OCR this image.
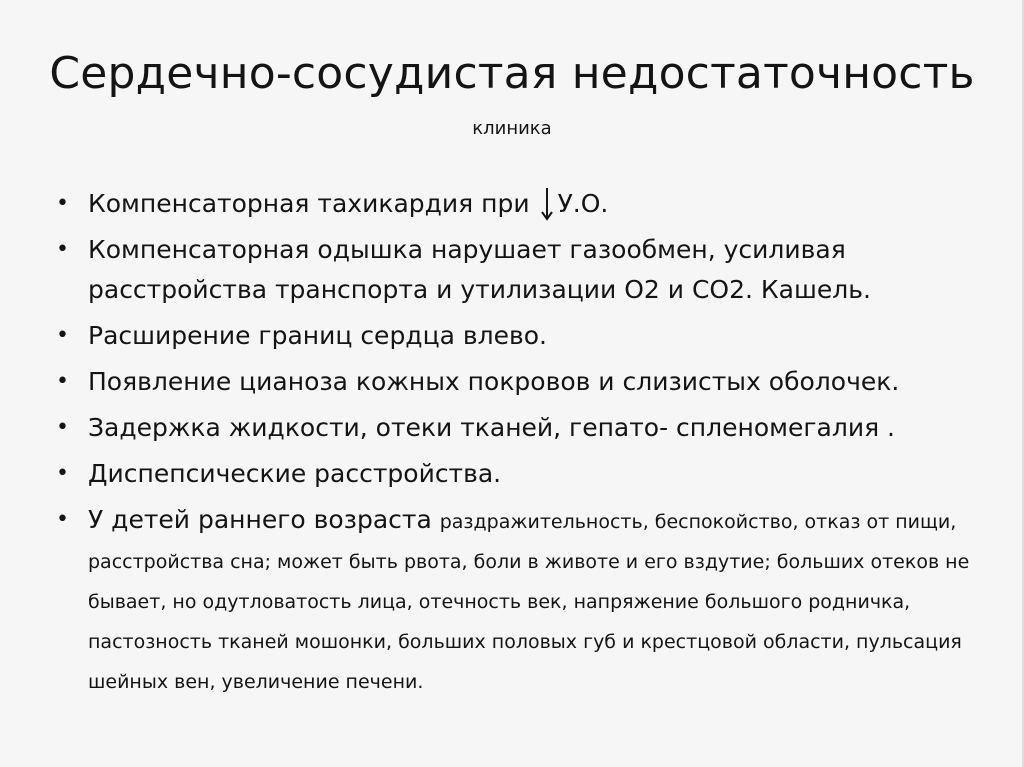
Сердечно-сосудистая недостаточность
клиника
• Компенсаторная тахикардия при
У.О.
• Компенсаторная одышка нарушает газообмен, усиливая расстройства транспорта и утилизации О2 и СО2. Кашель.
• Расширение границ сердца влево.
• Появление цианоза кожных покровов и слизистых оболочек.
• Задержка жидкости, отеки тканей, гепато- спленомегалия .
• Диспепсические расстройства.
• У детей раннего возраста раздражительность, беспокойство, отказ от пищи, расстройства сна; может быть рвота, боли в животе и его вздутие; больших отеков не бывает, но одутловатость лица, отечность век, напряжение большого родничка, пастозность тканей мошонки, больших половых губ и крестцовой области, пульсация шейных вен, увеличение печени.
